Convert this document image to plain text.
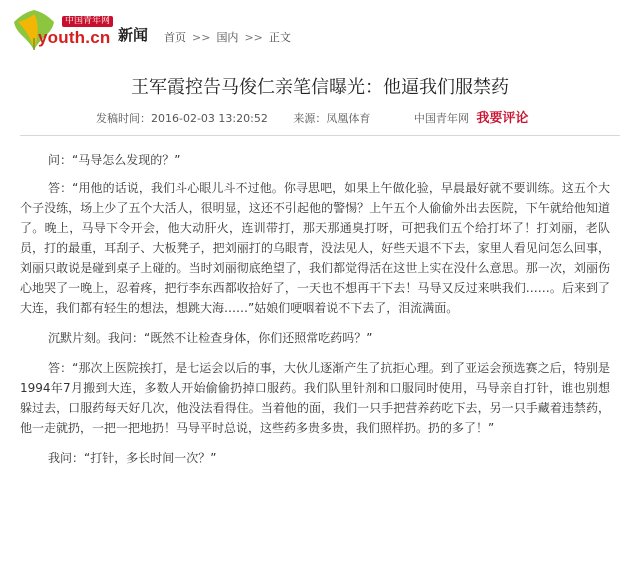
中国青年网
youth.cn 新闻 首页 >> 国内 >> 正文
王军霞控告马俊仁亲笔信曝光：他逼我们服禁药
发稿时间：2016-02-03 13:20:52 来源：凤凰体育	中国青年网 我要评论

问：“马导怎么发现的？”

答：“用他的话说，我们斗心眼儿斗不过他。你寻思吧，如果上午做化验，早晨最好就不要训练。这五个大个子没练，场上少了五个大活人，很明显，这还不引起他的警惕？上午五个人偷偷外出去医院，下午就给他知道了。晚上，马导下令开会，他大动肝火，连训带打，那天那通臭打呀，可把我们五个给打坏了！打刘丽，老队员，打的最重，耳刮子、大板凳子，把刘丽打的乌眼青，没法见人，好些天退不下去，家里人看见问怎么回事，刘丽只敢说是碰到桌子上碰的。当时刘丽彻底绝望了，我们都觉得活在这世上实在没什么意思。那一次，刘丽伤心地哭了一晚上，忍着疼，把行李东西都收拾好了，一天也不想再干下去！马导又反过来哄我们……。后来到了大连，我们都有轻生的想法，想跳大海……”姑娘们哽咽着说不下去了，泪流满面。

沉默片刻。我问：“既然不让检查身体，你们还照常吃药吗？”

答：“那次上医院挨打，是七运会以后的事，大伙儿逐渐产生了抗拒心理。到了亚运会预选赛之后，特别是1994年7月搬到大连，多数人开始偷偷扔掉口服药。我们队里针剂和口服同时使用，马导亲自打针，谁也别想躲过去，口服药每天好几次，他没法看得住。当着他的面，我们一只手把营养药吃下去，另一只手藏着违禁药，他一走就扔，一把一把地扔！马导平时总说，这些药多贵多贵，我们照样扔。扔的多了！”

我问：“打针，多长时间一次？”
